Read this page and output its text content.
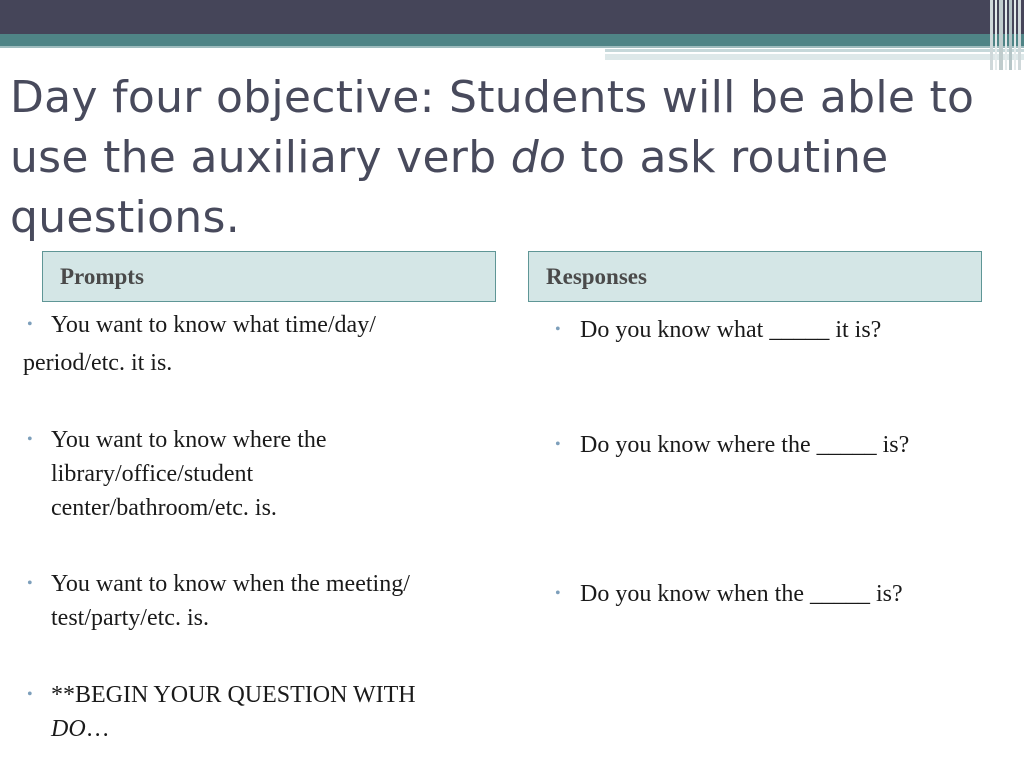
Day four objective: Students will be able to use the auxiliary verb do to ask routine questions.
Prompts	Responses
• You want to know what time/day/

period/etc. it is.

• You want to know where the library/office/student center/bathroom/etc. is.

• You want to know when the meeting/ test/party/etc. is.

• **BEGIN YOUR QUESTION WITH DO…

• Do you know what _____ it is?

• Do you know where the _____ is?

• Do you know when the _____ is?
